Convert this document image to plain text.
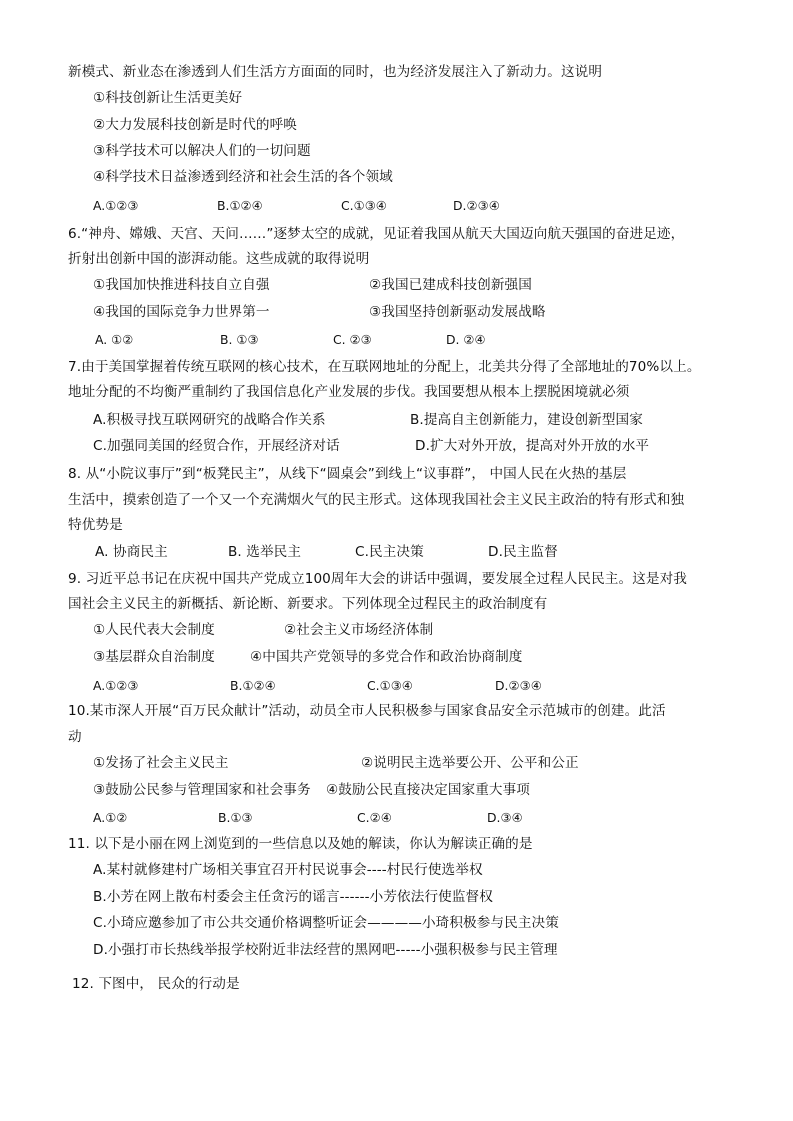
新模式、新业态在渗透到人们生活方方面面的同时，也为经济发展注入了新动力。这说明
①科技创新让生活更美好
②大力发展科技创新是时代的呼唤
③科学技术可以解决人们的一切问题
④科学技术日益渗透到经济和社会生活的各个领域
A.①②③	B.①②④	C.①③④	D.②③④
6.“神舟、嫦娥、天宫、天问……”逐梦太空的成就，见证着我国从航天大国迈向航天强国的奋进足迹，
折射出创新中国的澎湃动能。这些成就的取得说明
①我国加快推进科技自立自强	②我国已建成科技创新强国
④我国的国际竞争力世界第一	③我国坚持创新驱动发展战略
A. ①②	B. ①③	C. ②③	D. ②④
7.由于美国掌握着传统互联网的核心技术，在互联网地址的分配上，北美共分得了全部地址的70%以上。
地址分配的不均衡严重制约了我国信息化产业发展的步伐。我国要想从根本上摆脱困境就必须
A.积极寻找互联网研究的战略合作关系	B.提高自主创新能力，建设创新型国家
C.加强同美国的经贸合作，开展经济对话	D.扩大对外开放，提高对外开放的水平
8. 从“小院议事厅”到“板凳民主”，从线下“圆桌会”到线上“议事群”， 中国人民在火热的基层
生活中，摸索创造了一个又一个充满烟火气的民主形式。这体现我国社会主义民主政治的特有形式和独
特优势是
A. 协商民主	B. 选举民主	C.民主决策	D.民主监督
9. 习近平总书记在庆祝中国共产党成立100周年大会的讲话中强调，要发展全过程人民民主。这是对我
国社会主义民主的新概括、新论断、新要求。下列体现全过程民主的政治制度有
①人民代表大会制度	②社会主义市场经济体制
③基层群众自治制度	④中国共产党领导的多党合作和政治协商制度
A.①②③	B.①②④	C.①③④	D.②③④
10.某市深人开展“百万民众献计”活动，动员全市人民积极参与国家食品安全示范城市的创建。此活
动
①发扬了社会主义民主	②说明民主选举要公开、公平和公正
③鼓励公民参与管理国家和社会事务 ④鼓励公民直接决定国家重大事项
A.①②	B.①③	C.②④	D.③④
11. 以下是小丽在网上浏览到的一些信息以及她的解读，你认为解读正确的是
A.某村就修建村广场相关事宜召开村民说事会----村民行使选举权
B.小芳在网上散布村委会主任贪污的谣言------小芳依法行使监督权
C.小琦应邀参加了市公共交通价格调整听证会————小琦积极参与民主决策
D.小强打市长热线举报学校附近非法经营的黑网吧-----小强积极参与民主管理
12. 下图中， 民众的行动是
